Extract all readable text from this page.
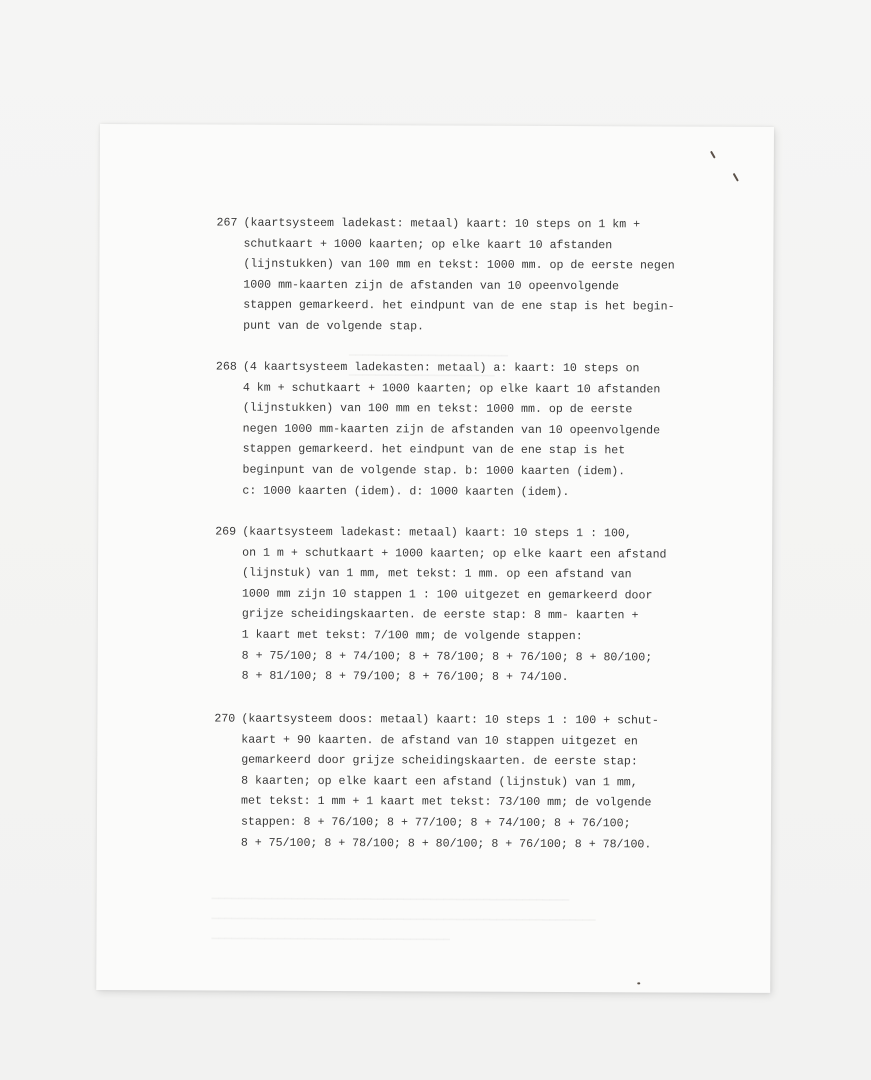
267 (kaartsysteem ladekast: metaal) kaart: 10 steps on 1 km +
schutkaart + 1000 kaarten; op elke kaart 10 afstanden
(lijnstukken) van 100 mm en tekst: 1000 mm. op de eerste negen
1000 mm-kaarten zijn de afstanden van 10 opeenvolgende
stappen gemarkeerd. het eindpunt van de ene stap is het begin-
punt van de volgende stap.
268 (4 kaartsysteem ladekasten: metaal) a: kaart: 10 steps on
4 km + schutkaart + 1000 kaarten; op elke kaart 10 afstanden
(lijnstukken) van 100 mm en tekst: 1000 mm. op de eerste
negen 1000 mm-kaarten zijn de afstanden van 10 opeenvolgende
stappen gemarkeerd. het eindpunt van de ene stap is het
beginpunt van de volgende stap. b: 1000 kaarten (idem).
c: 1000 kaarten (idem). d: 1000 kaarten (idem).
269 (kaartsysteem ladekast: metaal) kaart: 10 steps 1 : 100,
on 1 m + schutkaart + 1000 kaarten; op elke kaart een afstand
(lijnstuk) van 1 mm, met tekst: 1 mm. op een afstand van
1000 mm zijn 10 stappen 1 : 100 uitgezet en gemarkeerd door
grijze scheidingskaarten. de eerste stap: 8 mm- kaarten +
1 kaart met tekst: 7/100 mm; de volgende stappen:
8 + 75/100; 8 + 74/100; 8 + 78/100; 8 + 76/100; 8 + 80/100;
8 + 81/100; 8 + 79/100; 8 + 76/100; 8 + 74/100.
270 (kaartsysteem doos: metaal) kaart: 10 steps 1 : 100 + schut-
kaart + 90 kaarten. de afstand van 10 stappen uitgezet en
gemarkeerd door grijze scheidingskaarten. de eerste stap:
8 kaarten; op elke kaart een afstand (lijnstuk) van 1 mm,
met tekst: 1 mm + 1 kaart met tekst: 73/100 mm; de volgende
stappen: 8 + 76/100; 8 + 77/100; 8 + 74/100; 8 + 76/100;
8 + 75/100; 8 + 78/100; 8 + 80/100; 8 + 76/100; 8 + 78/100.
